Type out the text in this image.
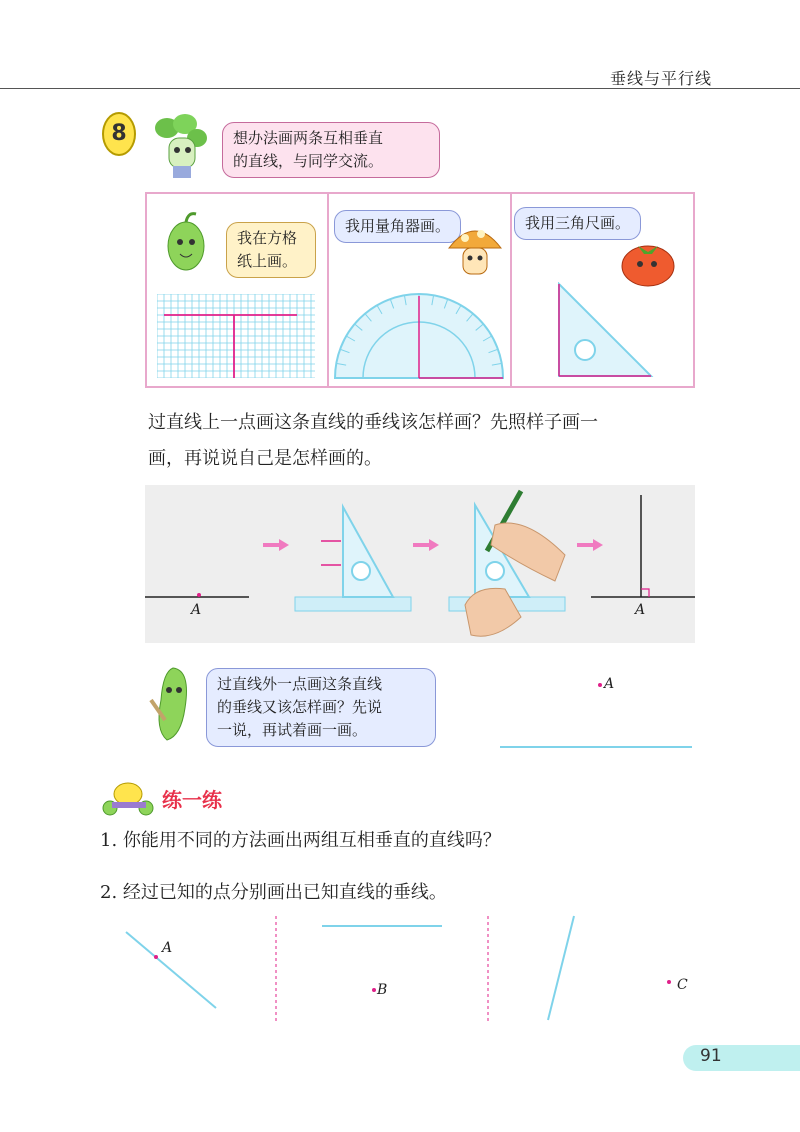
垂线与平行线
8	想办法画两条互相垂直
的直线，与同学交流。
我在方格
纸上画。
我用量角器画。	我用三角尺画。
过直线上一点画这条直线的垂线该怎样画？先照样子画一
画，再说说自己是怎样画的。
A	A
过直线外一点画这条直线
的垂线又该怎样画？先说
一说，再试着画一画。
A
练一练
1. 你能用不同的方法画出两组互相垂直的直线吗？
2. 经过已知的点分别画出已知直线的垂线。
A
B	C
91
